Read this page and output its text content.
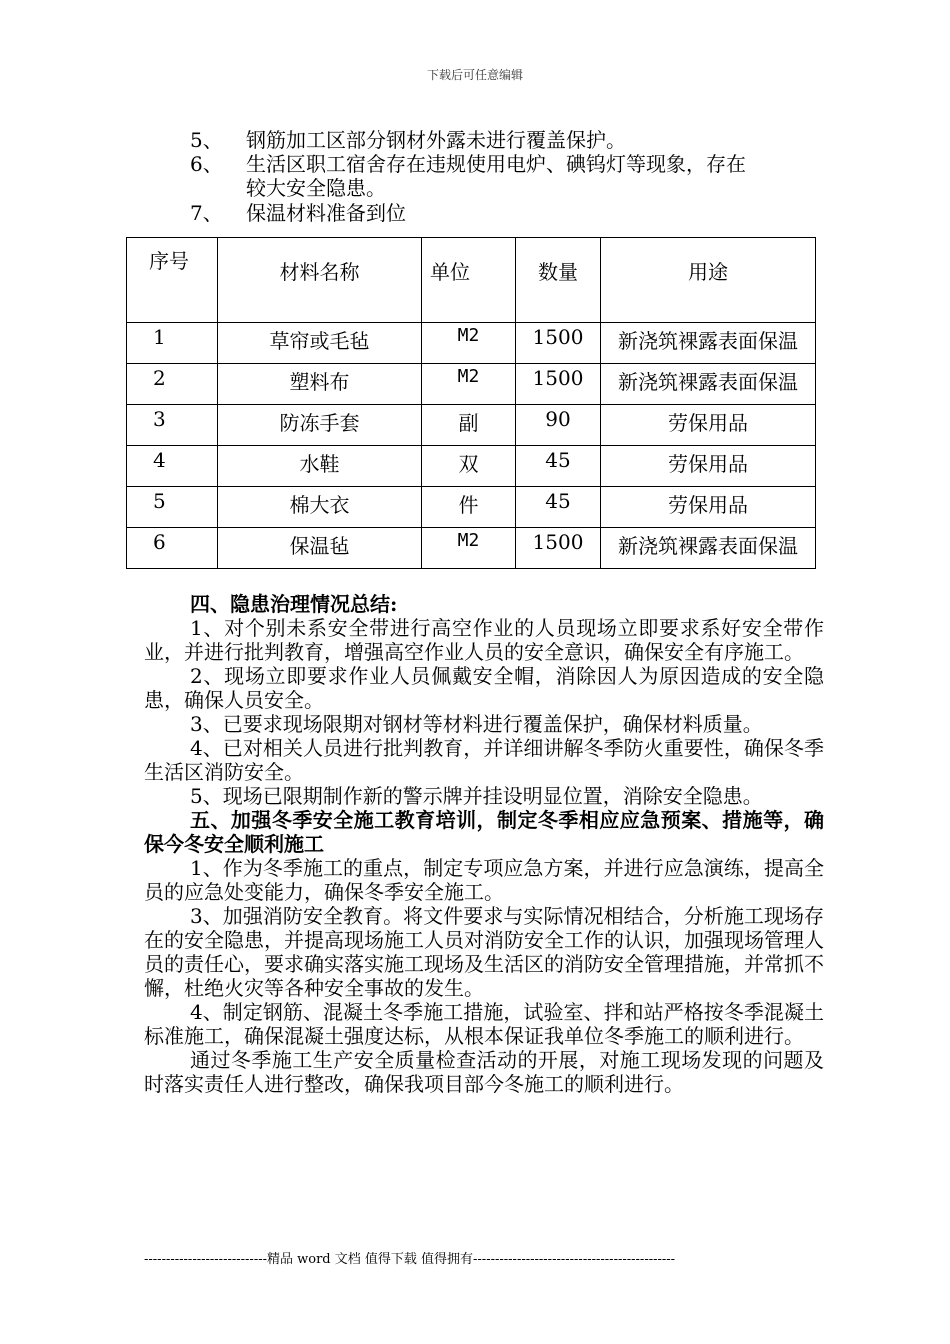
下载后可任意编辑
5、 钢筋加工区部分钢材外露未进行覆盖保护。
6、 生活区职工宿舍存在违规使用电炉、碘钨灯等现象，存在
较大安全隐患。
7、 保温材料准备到位
序号	材料名称	单位	数量	用途

1	草帘或毛毡	M2	1500	新浇筑裸露表面保温

2	塑料布	M2	1500	新浇筑裸露表面保温

3	防冻手套	副	90	劳保用品

4	水鞋	双	45	劳保用品

5	棉大衣	件	45	劳保用品

6	保温毡	M2	1500	新浇筑裸露表面保温

四、隐患治理情况总结:

1、对个别未系安全带进行高空作业的人员现场立即要求系好安全带作业，并进行批判教育，增强高空作业人员的安全意识，确保安全有序施工。

2、现场立即要求作业人员佩戴安全帽，消除因人为原因造成的安全隐患，确保人员安全。

3、已要求现场限期对钢材等材料进行覆盖保护，确保材料质量。

4、已对相关人员进行批判教育，并详细讲解冬季防火重要性，确保冬季生活区消防安全。

5、现场已限期制作新的警示牌并挂设明显位置，消除安全隐患。

五、加强冬季安全施工教育培训，制定冬季相应应急预案、措施等，确保今冬安全顺利施工

1、作为冬季施工的重点，制定专项应急方案，并进行应急演练，提高全员的应急处变能力，确保冬季安全施工。

3、加强消防安全教育。将文件要求与实际情况相结合，分析施工现场存在的安全隐患，并提高现场施工人员对消防安全工作的认识，加强现场管理人员的责任心，要求确实落实施工现场及生活区的消防安全管理措施，并常抓不懈，杜绝火灾等各种安全事故的发生。

4、制定钢筋、混凝土冬季施工措施，试验室、拌和站严格按冬季混凝土标准施工，确保混凝土强度达标，从根本保证我单位冬季施工的顺利进行。

通过冬季施工生产安全质量检查活动的开展，对施工现场发现的问题及时落实责任人进行整改，确保我项目部今冬施工的顺利进行。

----------------------------精品 word 文档 值得下载 值得拥有----------------------------------------------
